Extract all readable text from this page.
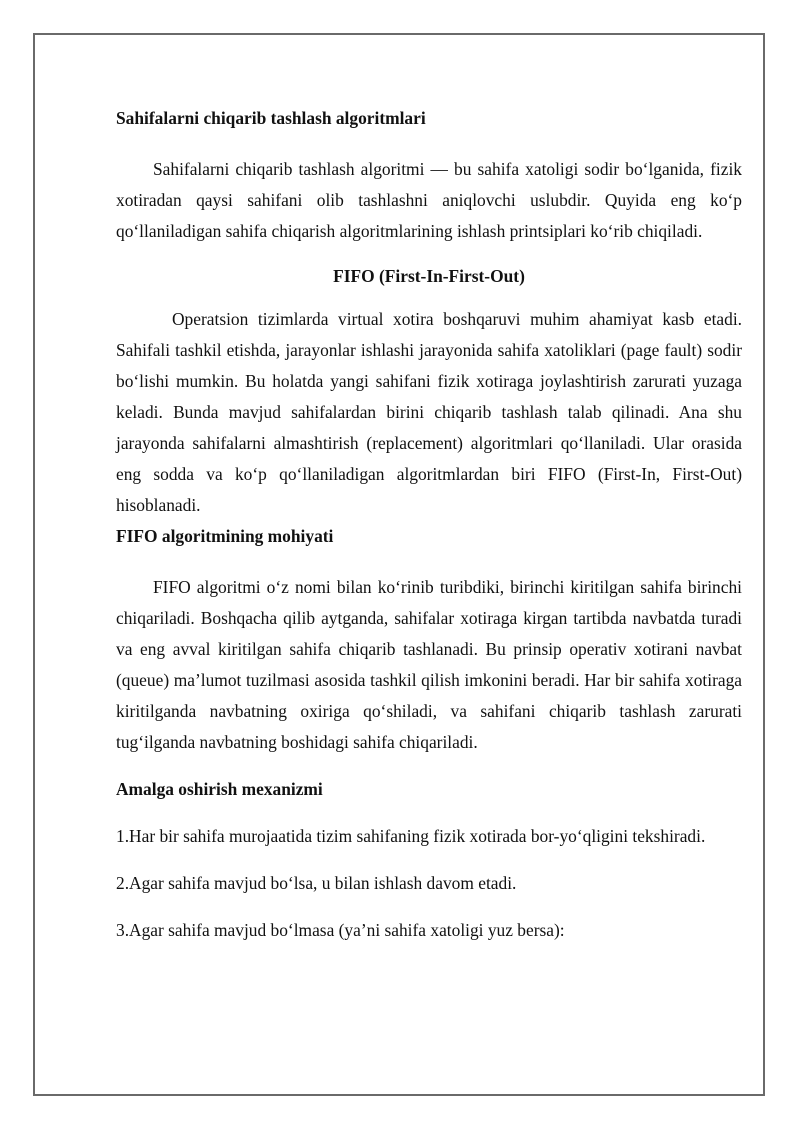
Sahifalarni chiqarib tashlash algoritmlari

Sahifalarni chiqarib tashlash algoritmi — bu sahifa xatoligi sodir bo‘lganida, fizik xotiradan qaysi sahifani olib tashlashni aniqlovchi uslubdir. Quyida eng ko‘p qo‘llaniladigan sahifa chiqarish algoritmlarining ishlash printsiplari ko‘rib chiqiladi.

FIFO (First-In-First-Out)

Operatsion tizimlarda virtual xotira boshqaruvi muhim ahamiyat kasb etadi. Sahifali tashkil etishda, jarayonlar ishlashi jarayonida sahifa xatoliklari (page fault) sodir bo‘lishi mumkin. Bu holatda yangi sahifani fizik xotiraga joylashtirish zarurati yuzaga keladi. Bunda mavjud sahifalardan birini chiqarib tashlash talab qilinadi. Ana shu jarayonda sahifalarni almashtirish (replacement) algoritmlari qo‘llaniladi. Ular orasida eng sodda va ko‘p qo‘llaniladigan algoritmlardan biri FIFO (First-In, First-Out) hisoblanadi.

FIFO algoritmining mohiyati

FIFO algoritmi o‘z nomi bilan ko‘rinib turibdiki, birinchi kiritilgan sahifa birinchi chiqariladi. Boshqacha qilib aytganda, sahifalar xotiraga kirgan tartibda navbatda turadi va eng avval kiritilgan sahifa chiqarib tashlanadi. Bu prinsip operativ xotirani navbat (queue) ma’lumot tuzilmasi asosida tashkil qilish imkonini beradi. Har bir sahifa xotiraga kiritilganda navbatning oxiriga qo‘shiladi, va sahifani chiqarib tashlash zarurati tug‘ilganda navbatning boshidagi sahifa chiqariladi.

Amalga oshirish mexanizmi

1.Har bir sahifa murojaatida tizim sahifaning fizik xotirada bor-yo‘qligini tekshiradi.

2.Agar sahifa mavjud bo‘lsa, u bilan ishlash davom etadi.

3.Agar sahifa mavjud bo‘lmasa (ya’ni sahifa xatoligi yuz bersa):
